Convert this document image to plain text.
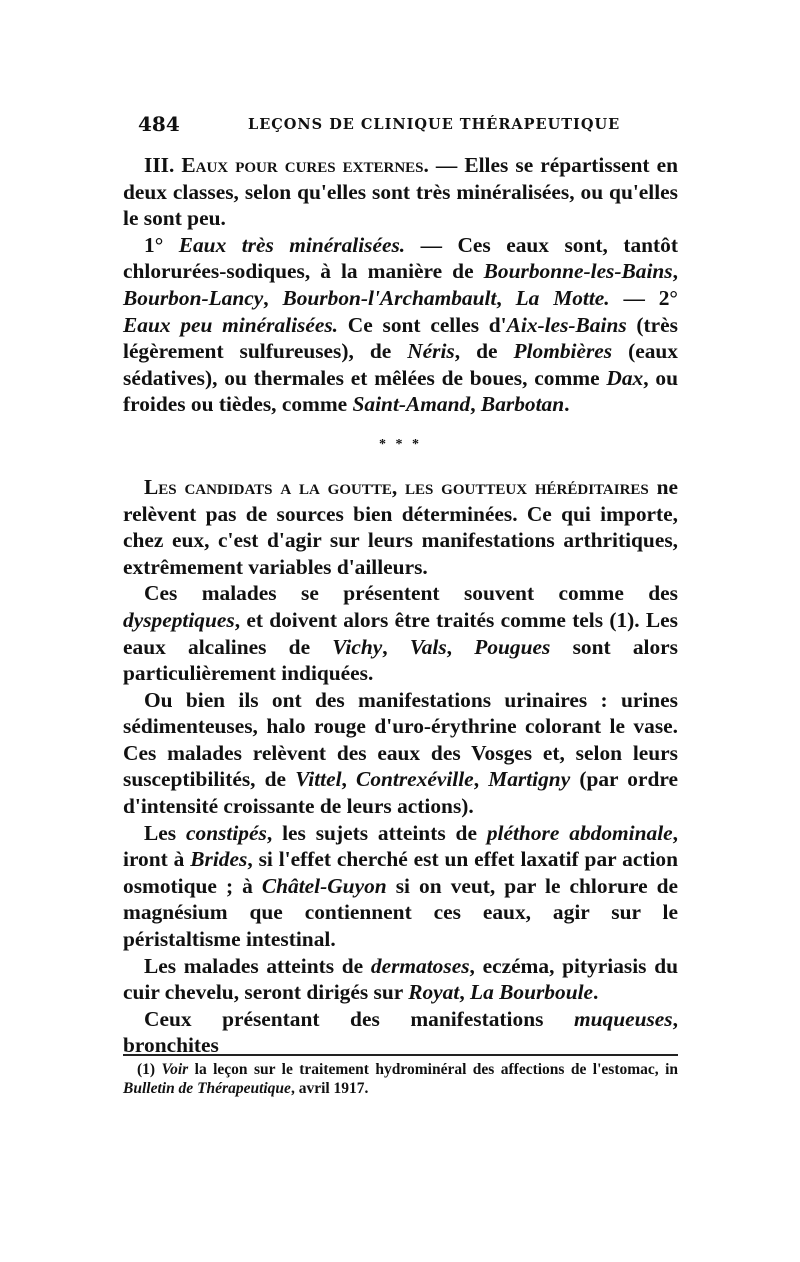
484	LEÇONS DE CLINIQUE THÉRAPEUTIQUE

III. Eaux pour cures externes. — Elles se répartissent en deux classes, selon qu'elles sont très minéralisées, ou qu'elles le sont peu.

1° Eaux très minéralisées. — Ces eaux sont, tantôt chlorurées-sodiques, à la manière de Bourbonne-les-Bains, Bourbon-Lancy, Bourbon-l'Archambault, La Motte. — 2° Eaux peu minéralisées. Ce sont celles d'Aix-les-Bains (très légèrement sulfureuses), de Néris, de Plombières (eaux sédatives), ou thermales et mêlées de boues, comme Dax, ou froides ou tièdes, comme Saint-Amand, Barbotan.

* * *

Les candidats a la goutte, les goutteux héréditaires ne relèvent pas de sources bien déterminées. Ce qui importe, chez eux, c'est d'agir sur leurs manifestations arthritiques, extrêmement variables d'ailleurs.

Ces malades se présentent souvent comme des dyspeptiques, et doivent alors être traités comme tels (1). Les eaux alcalines de Vichy, Vals, Pougues sont alors particulièrement indiquées.

Ou bien ils ont des manifestations urinaires : urines sédimenteuses, halo rouge d'uro-érythrine colorant le vase. Ces malades relèvent des eaux des Vosges et, selon leurs susceptibilités, de Vittel, Contrexéville, Martigny (par ordre d'intensité croissante de leurs actions).

Les constipés, les sujets atteints de pléthore abdominale, iront à Brides, si l'effet cherché est un effet laxatif par action osmotique ; à Châtel-Guyon si on veut, par le chlorure de magnésium que contiennent ces eaux, agir sur le péristaltisme intestinal.

Les malades atteints de dermatoses, eczéma, pityriasis du cuir chevelu, seront dirigés sur Royat, La Bourboule.

Ceux présentant des manifestations muqueuses, bronchites

(1) Voir la leçon sur le traitement hydrominéral des affections de l'estomac, in Bulletin de Thérapeutique, avril 1917.
